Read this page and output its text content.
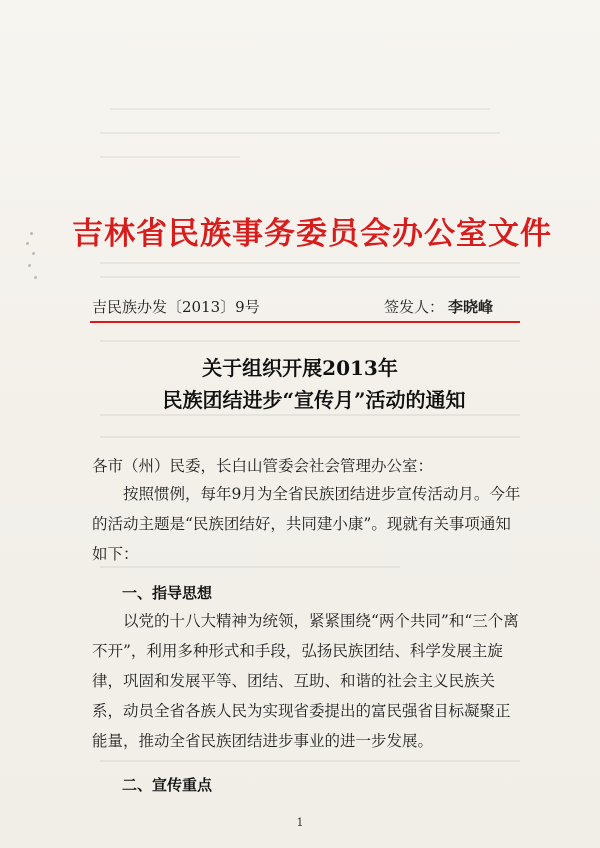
吉林省民族事务委员会办公室文件
吉民族办发〔2013〕9号	签发人： 李晓峰
关于组织开展2013年
民族团结进步“宣传月”活动的通知
各市（州）民委，长白山管委会社会管理办公室：
按照惯例，每年9月为全省民族团结进步宣传活动月。今年的活动主题是“民族团结好，共同建小康”。现就有关事项通知如下：
一、指导思想
以党的十八大精神为统领，紧紧围绕“两个共同”和“三个离不开”，利用多种形式和手段，弘扬民族团结、科学发展主旋律，巩固和发展平等、团结、互助、和谐的社会主义民族关系，动员全省各族人民为实现省委提出的富民强省目标凝聚正能量，推动全省民族团结进步事业的进一步发展。
二、宣传重点
1
